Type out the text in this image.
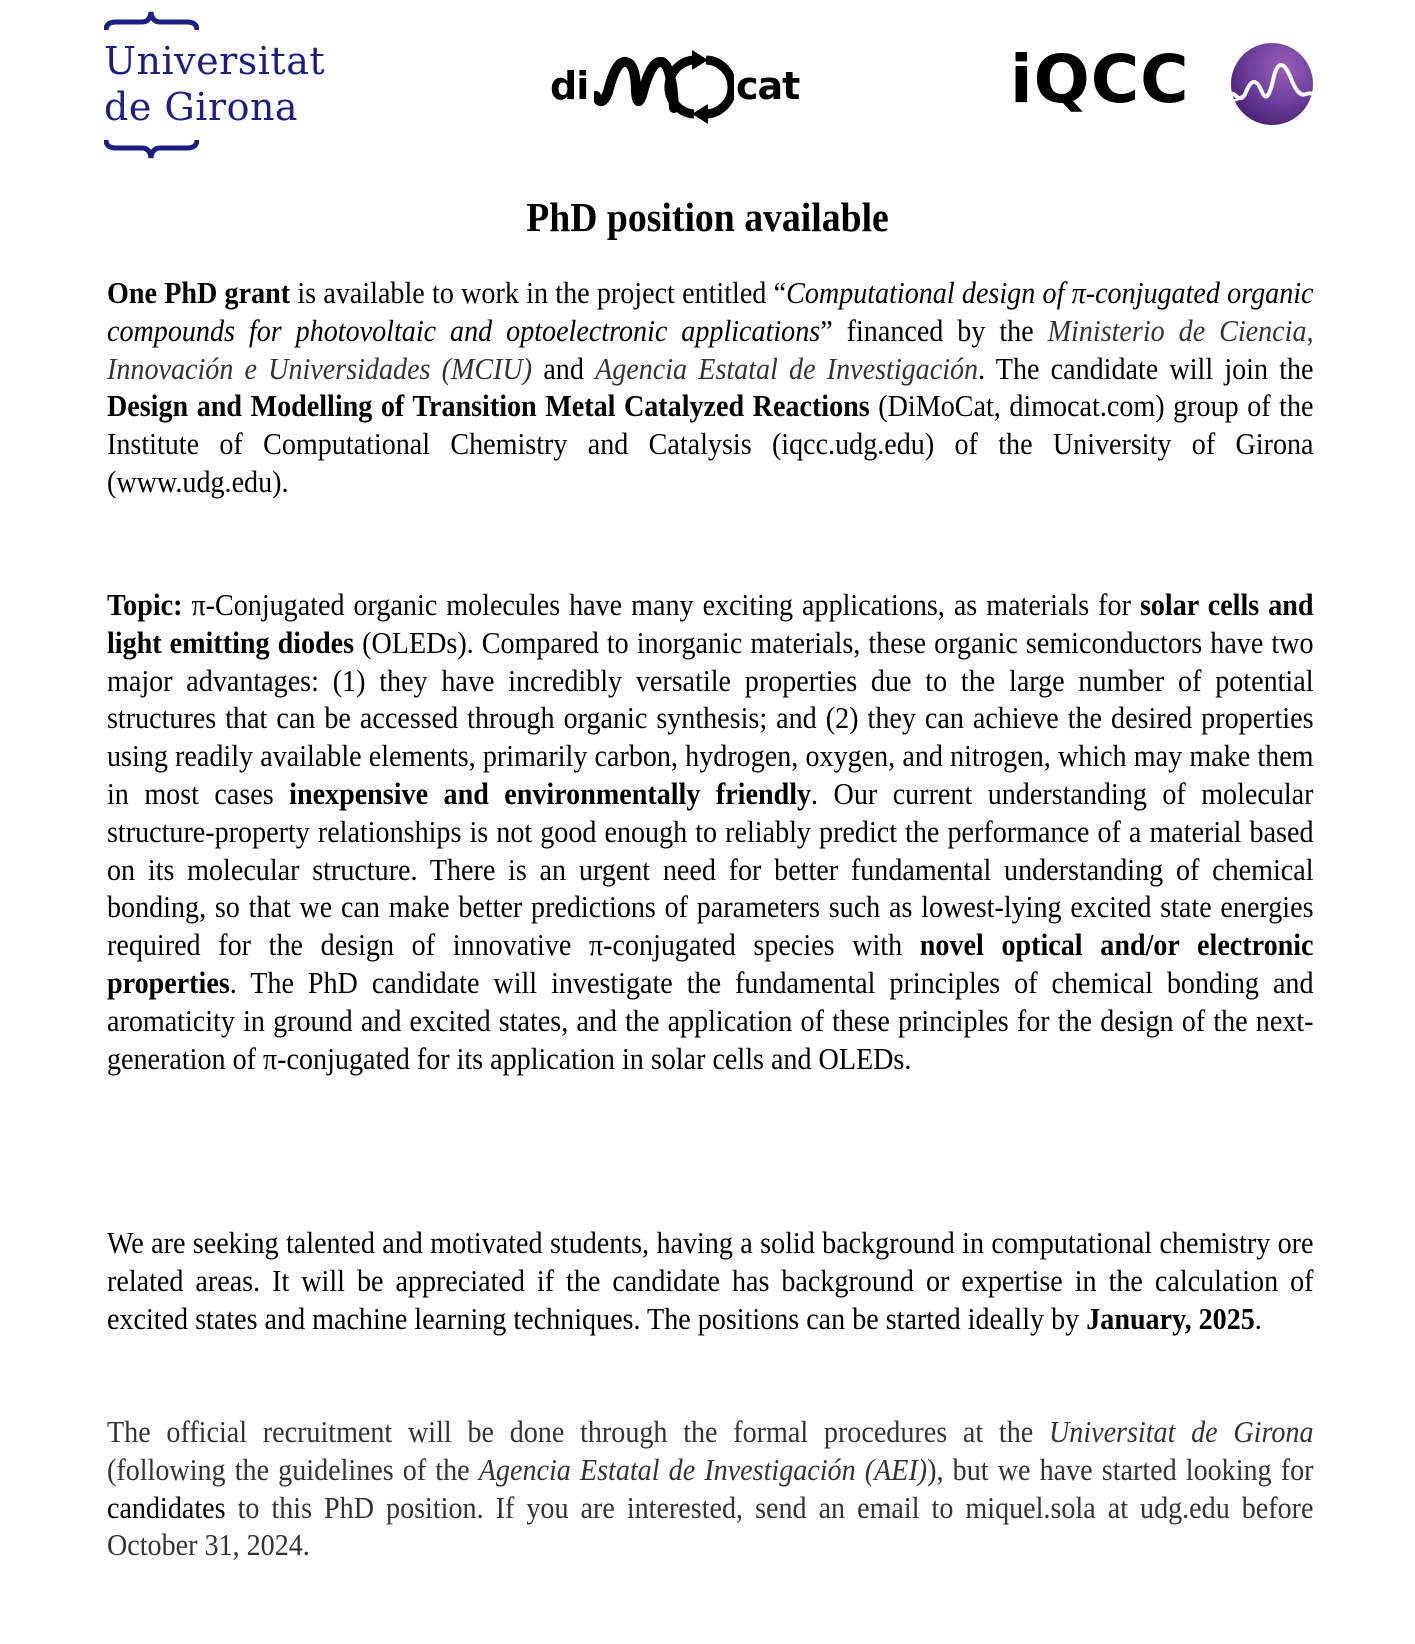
Universitat
de Girona	di	cat	iQCC
PhD position available
One PhD grant is available to work in the project entitled “Computational design of π-conjugated organic compounds for photovoltaic and optoelectronic applications” financed by the Ministerio de Ciencia, Innovación e Universidades (MCIU) and Agencia Estatal de Investigación. The candidate will join the Design and Modelling of Transition Metal Catalyzed Reactions (DiMoCat, dimocat.com) group of the Institute of Computational Chemistry and Catalysis (iqcc.udg.edu) of the University of Girona (www.udg.edu).
Topic: π-Conjugated organic molecules have many exciting applications, as materials for solar cells and light emitting diodes (OLEDs). Compared to inorganic materials, these organic semiconductors have two major advantages: (1) they have incredibly versatile properties due to the large number of potential structures that can be accessed through organic synthesis; and (2) they can achieve the desired properties using readily available elements, primarily carbon, hydrogen, oxygen, and nitrogen, which may make them in most cases inexpensive and environmentally friendly. Our current understanding of molecular structure-property relationships is not good enough to reliably predict the performance of a material based on its molecular structure. There is an urgent need for better fundamental understanding of chemical bonding, so that we can make better predictions of parameters such as lowest-lying excited state energies required for the design of innovative π-conjugated species with novel optical and/or electronic properties. The PhD candidate will investigate the fundamental principles of chemical bonding and aromaticity in ground and excited states, and the application of these principles for the design of the next-generation of π-conjugated for its application in solar cells and OLEDs.
We are seeking talented and motivated students, having a solid background in computational chemistry ore related areas. It will be appreciated if the candidate has background or expertise in the calculation of excited states and machine learning techniques. The positions can be started ideally by January, 2025.
The official recruitment will be done through the formal procedures at the Universitat de Girona (following the guidelines of the Agencia Estatal de Investigación (AEI)), but we have started looking for candidates to this PhD position. If you are interested, send an email to miquel.sola at udg.edu before October 31, 2024.
